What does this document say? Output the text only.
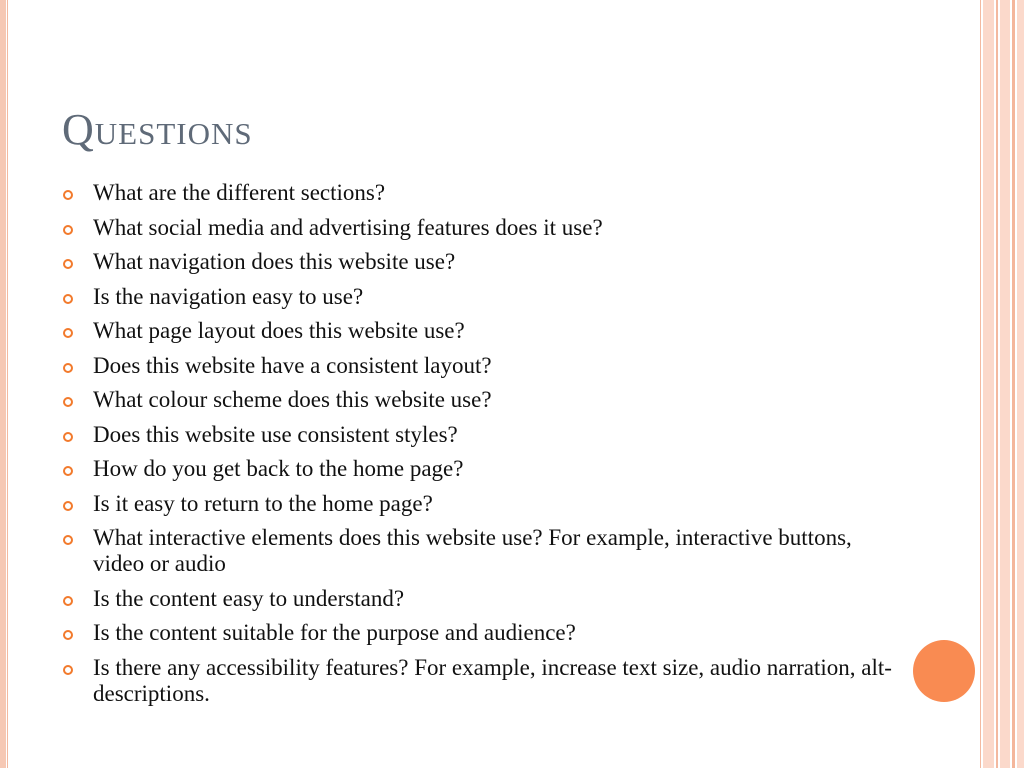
Questions
What are the different sections?
What social media and advertising features does it use?
What navigation does this website use?
Is the navigation easy to use?
What page layout does this website use?
Does this website have a consistent layout?
What colour scheme does this website use?
Does this website use consistent styles?
How do you get back to the home page?
Is it easy to return to the home page?
What interactive elements does this website use? For example, interactive buttons, video or audio
Is the content easy to understand?
Is the content suitable for the purpose and audience?
Is there any accessibility features? For example, increase text size, audio narration, alt-descriptions.
